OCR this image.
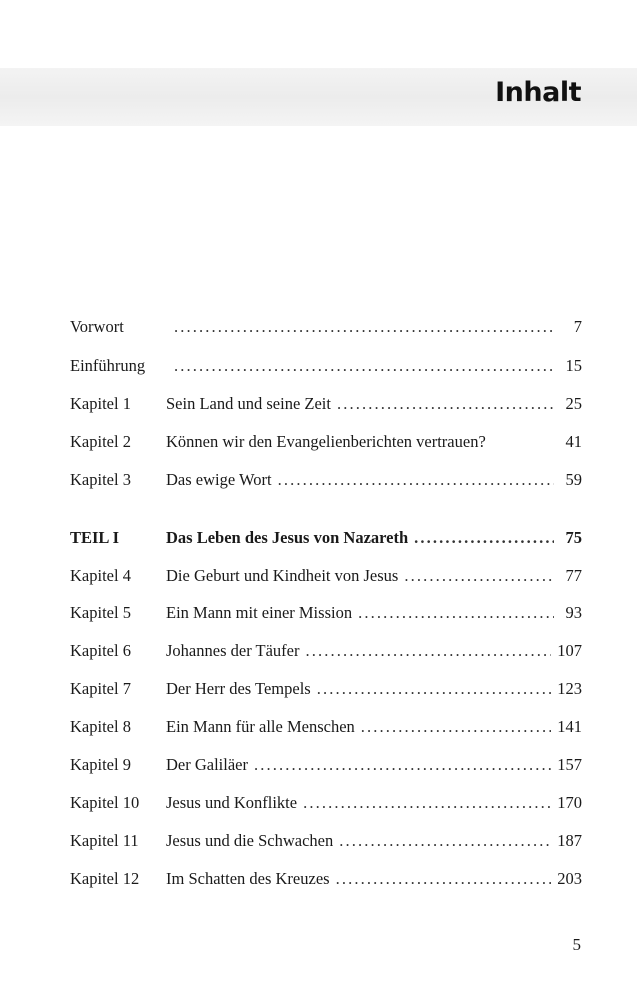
Inhalt
Vorwort . . .	7
Einführung . . .	15
Kapitel 1 Sein Land und seine Zeit . . .	25
Kapitel 2 Können wir den Evangelienberichten vertrauen?	41
Kapitel 3 Das ewige Wort . . .	59
TEIL I	Das Leben des Jesus von Nazareth . . .	75
Kapitel 4 Die Geburt und Kindheit von Jesus . . .	77
Kapitel 5 Ein Mann mit einer Mission . . .	93
Kapitel 6 Johannes der Täufer . . .	107
Kapitel 7 Der Herr des Tempels . . .	123
Kapitel 8 Ein Mann für alle Menschen . . .	141
Kapitel 9 Der Galiläer . . .	157
Kapitel 10 Jesus und Konflikte . . .	170
Kapitel 11 Jesus und die Schwachen . . .	187
Kapitel 12 Im Schatten des Kreuzes . . .	203
5
